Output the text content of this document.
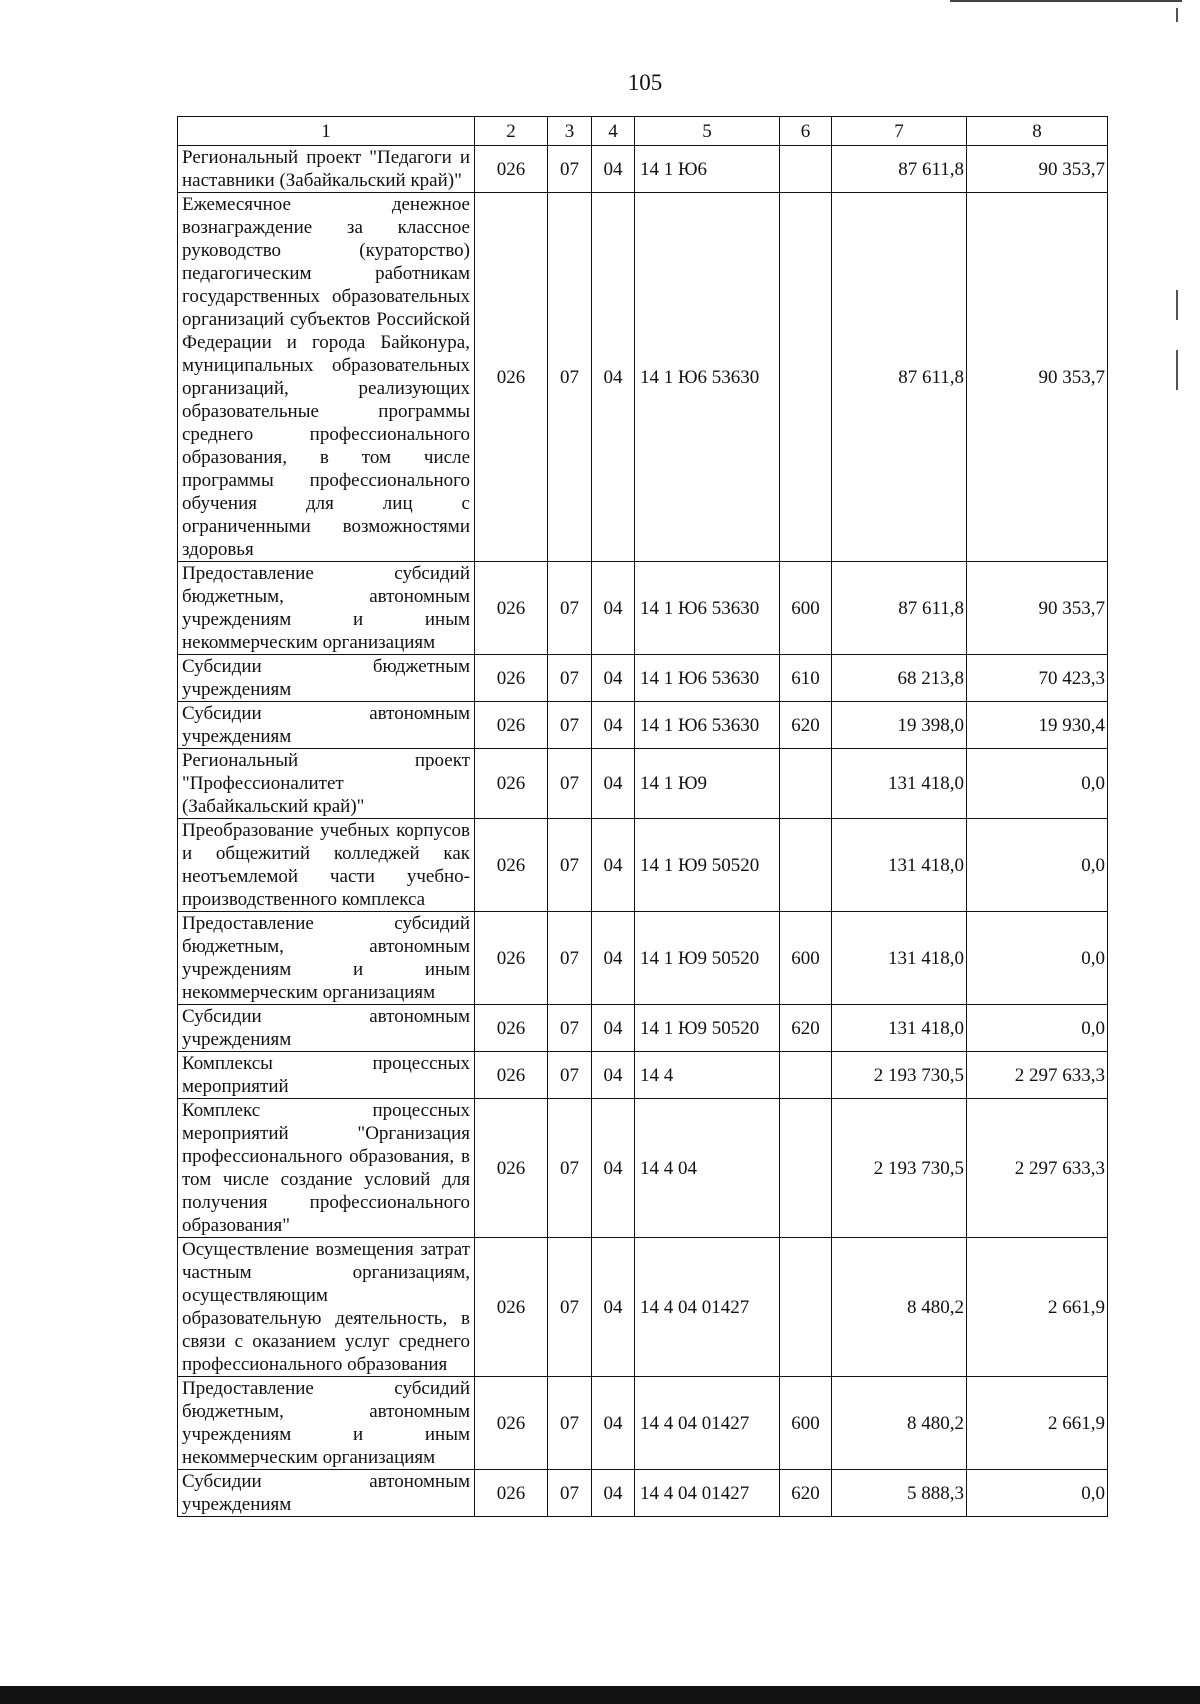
105
1	2	3	4	5	6	7	8
Региональный проект "Педагоги и наставники (Забайкальский край)"	026	07	04	14 1 Ю6		87 611,8	90 353,7
Ежемесячное денежное вознаграждение за классное руководство (кураторство) педагогическим работникам государственных образовательных организаций субъектов Российской Федерации и города Байконура, муниципальных образовательных организаций, реализующих образовательные программы среднего профессионального образования, в том числе программы профессионального обучения для лиц с ограниченными возможностями здоровья	026	07	04	14 1 Ю6 53630		87 611,8	90 353,7
Предоставление субсидий бюджетным, автономным учреждениям и иным некоммерческим организациям	026	07	04	14 1 Ю6 53630	600	87 611,8	90 353,7
Субсидии бюджетным учреждениям	026	07	04	14 1 Ю6 53630	610	68 213,8	70 423,3
Субсидии автономным учреждениям	026	07	04	14 1 Ю6 53630	620	19 398,0	19 930,4
Региональный проект "Профессионалитет (Забайкальский край)"	026	07	04	14 1 Ю9		131 418,0	0,0
Преобразование учебных корпусов и общежитий колледжей как неотъемлемой части учебно-производственного комплекса	026	07	04	14 1 Ю9 50520		131 418,0	0,0
Предоставление субсидий бюджетным, автономным учреждениям и иным некоммерческим организациям	026	07	04	14 1 Ю9 50520	600	131 418,0	0,0
Субсидии автономным учреждениям	026	07	04	14 1 Ю9 50520	620	131 418,0	0,0
Комплексы процессных мероприятий	026	07	04	14 4		2 193 730,5	2 297 633,3
Комплекс процессных мероприятий "Организация профессионального образования, в том числе создание условий для получения профессионального образования"	026	07	04	14 4 04		2 193 730,5	2 297 633,3
Осуществление возмещения затрат частным организациям, осуществляющим образовательную деятельность, в связи с оказанием услуг среднего профессионального образования	026	07	04	14 4 04 01427		8 480,2	2 661,9
Предоставление субсидий бюджетным, автономным учреждениям и иным некоммерческим организациям	026	07	04	14 4 04 01427	600	8 480,2	2 661,9
Субсидии автономным учреждениям	026	07	04	14 4 04 01427	620	5 888,3	0,0
